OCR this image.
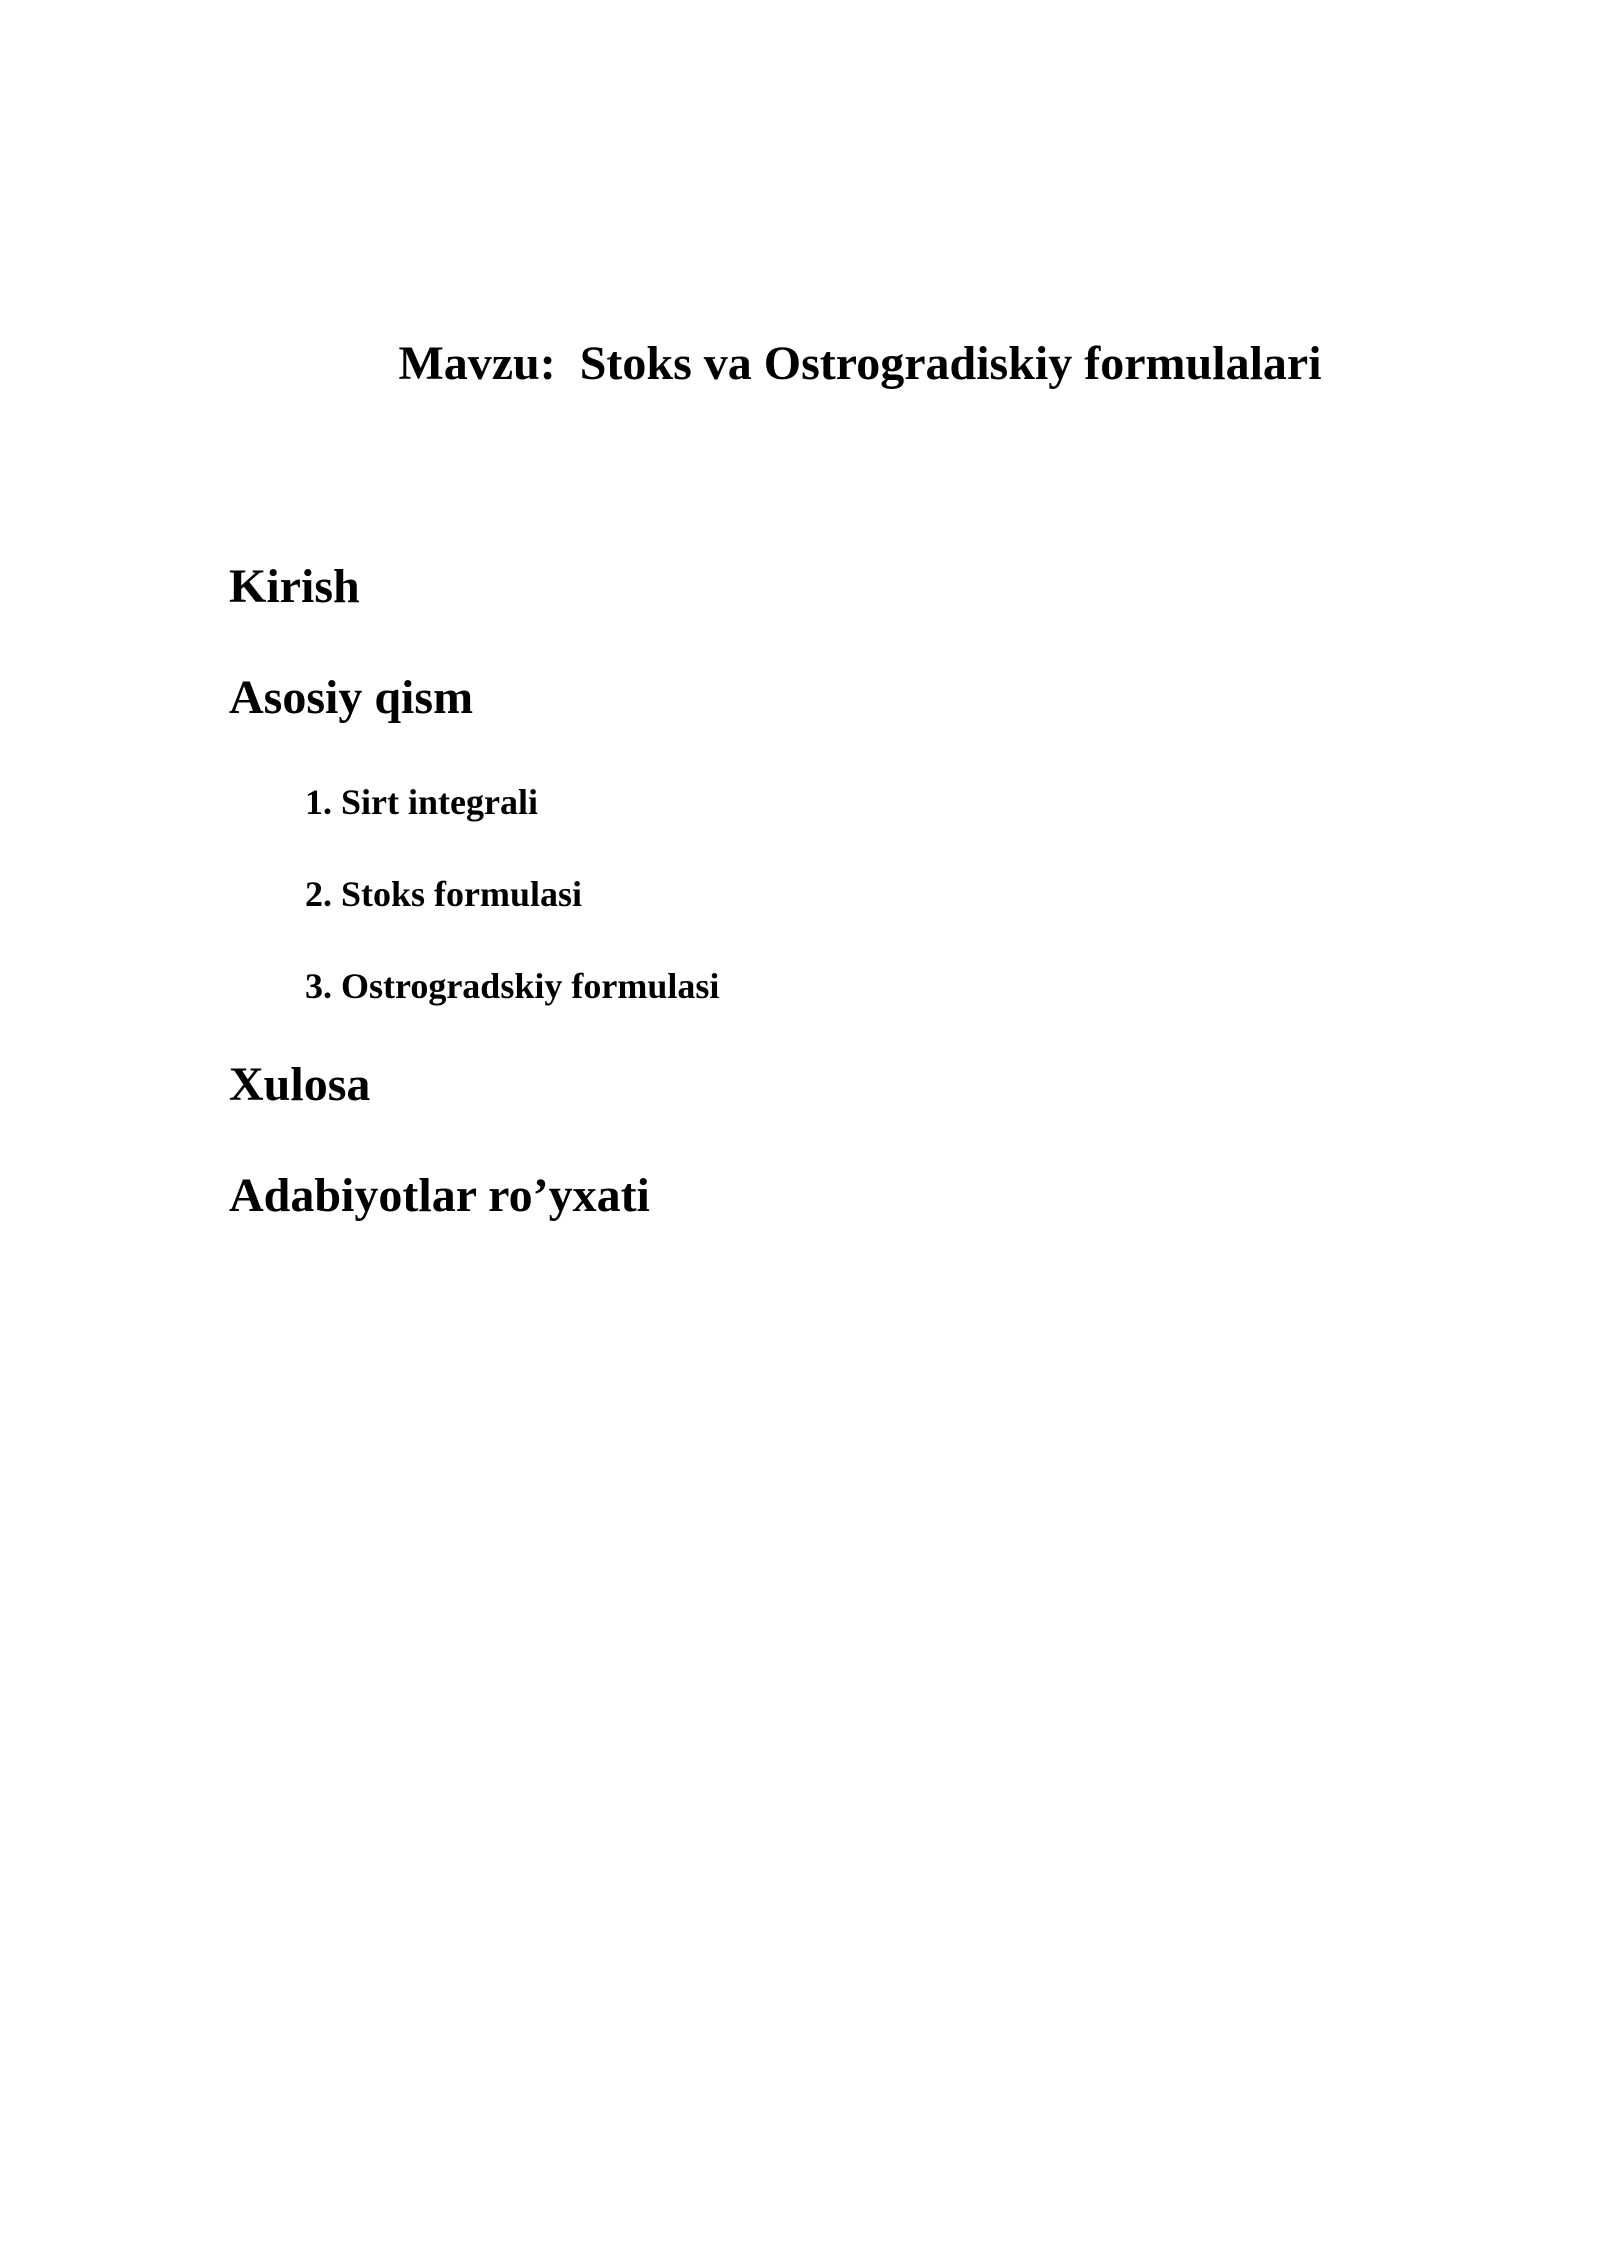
Mavzu:  Stoks va Ostrogradiskiy formulalari
Kirish
Asosiy qism
1. Sirt integrali
2. Stoks formulasi
3. Ostrogradskiy formulasi
Xulosa
Adabiyotlar ro’yxati
